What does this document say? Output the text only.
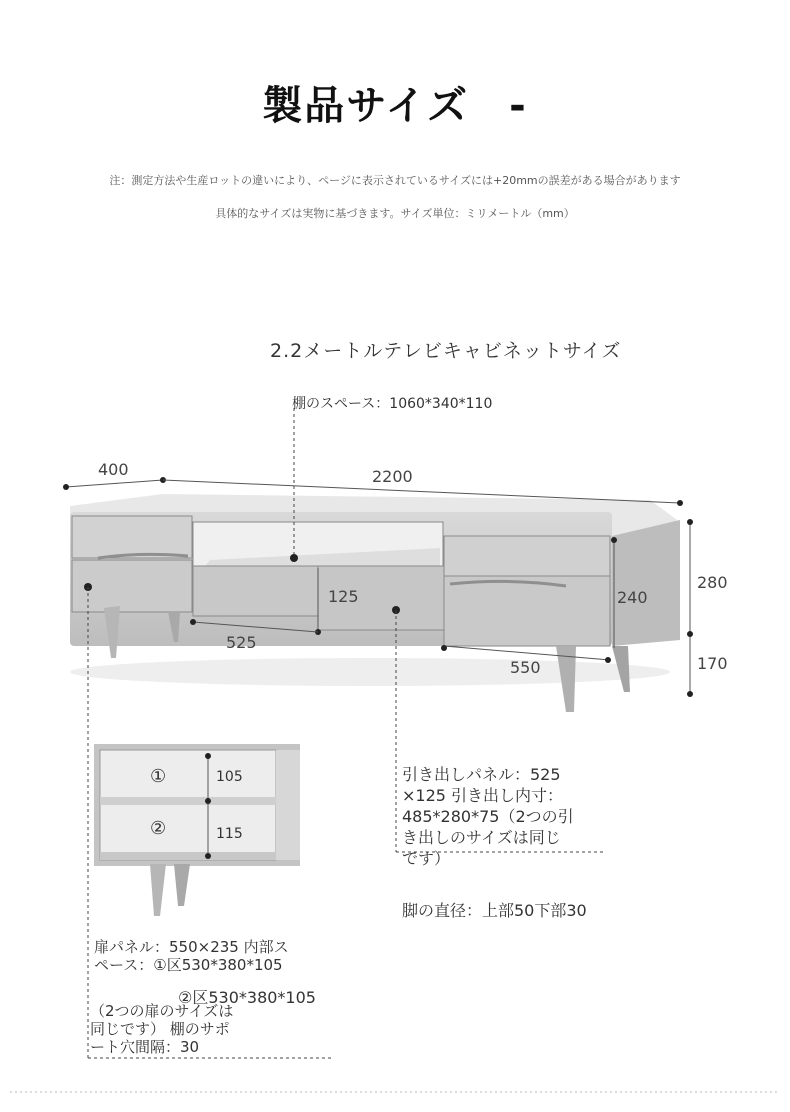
製品サイズ -
注：測定方法や生産ロットの違いにより、ページに表示されているサイズには+20mmの誤差がある場合があります
具体的なサイズは実物に基づきます。サイズ単位：ミリメートル（mm）
2.2メートルテレビキャビネットサイズ
棚のスペース：1060*340*110
400	2200
125
525
550
240
280
170
①	105
②	115
引き出しパネル：525
×125 引き出し内寸：
485*280*75（2つの引
き出しのサイズは同じ
です）
脚の直径：上部50下部30
扉パネル：550×235 内部ス
ペース：①区530*380*105
②区530*380*105
（2つの扉のサイズは
同じです） 棚のサポ
ート穴間隔：30
